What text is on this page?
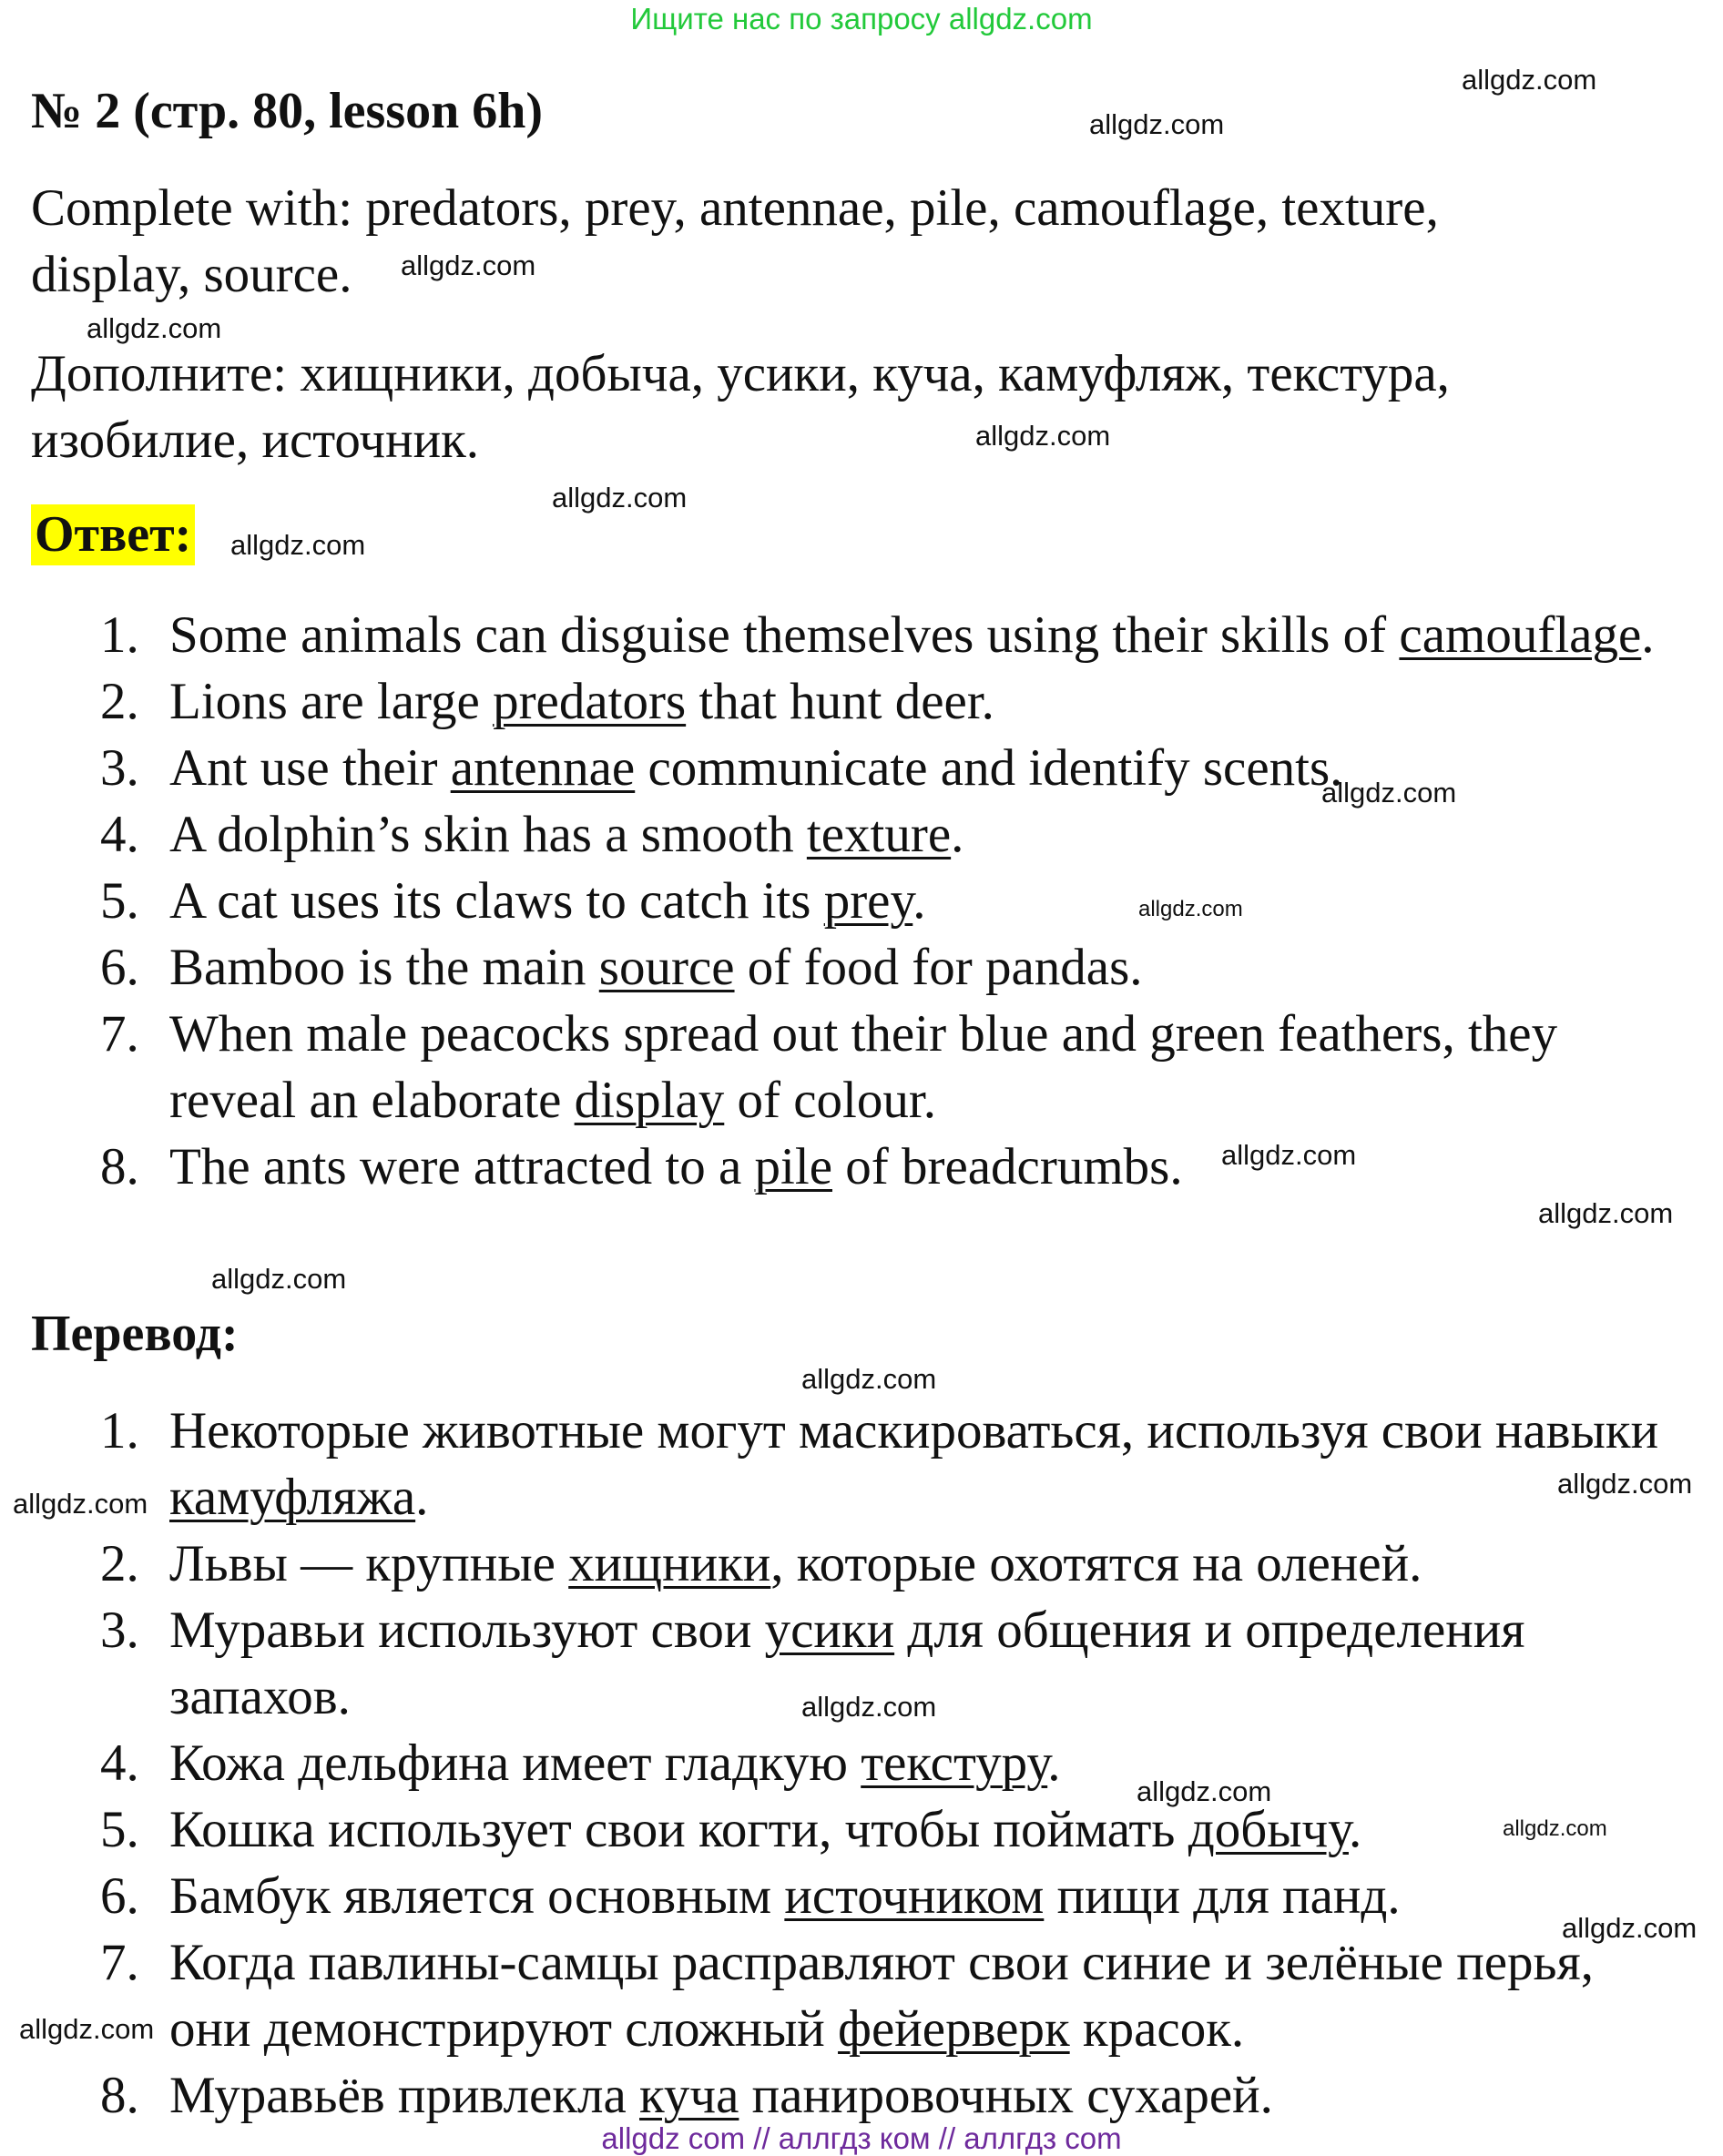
Ищите нас по запросу allgdz.com
№ 2 (стр. 80, lesson 6h)
Complete with: predators, prey, antennae, pile, camouflage, texture, display, source.
Дополните: хищники, добыча, усики, куча, камуфляж, текстура, изобилие, источник.
Ответ:
1. Some animals can disguise themselves using their skills of camouflage.
2. Lions are large predators that hunt deer.
3. Ant use their antennae communicate and identify scents.
4. A dolphin’s skin has a smooth texture.
5. A cat uses its claws to catch its prey.
6. Bamboo is the main source of food for pandas.
7. When male peacocks spread out their blue and green feathers, they reveal an elaborate display of colour.
8. The ants were attracted to a pile of breadcrumbs.
Перевод:
1. Некоторые животные могут маскироваться, используя свои навыки камуфляжа.
2. Львы — крупные хищники, которые охотятся на оленей.
3. Муравьи используют свои усики для общения и определения запахов.
4. Кожа дельфина имеет гладкую текстуру.
5. Кошка использует свои когти, чтобы поймать добычу.
6. Бамбук является основным источником пищи для панд.
7. Когда павлины-самцы расправляют свои синие и зелёные перья, они демонстрируют сложный фейерверк красок.
8. Муравьёв привлекла куча панировочных сухарей.
allgdz.com
allgdz.com
allgdz.com
allgdz.com
allgdz.com
allgdz.com
allgdz.com
allgdz.com
allgdz.com
allgdz.com
allgdz.com
allgdz.com
allgdz.com
allgdz.com
allgdz.com
allgdz.com
allgdz.com
allgdz.com
allgdz.com
allgdz.com
allgdz com // аллгдз ком // аллгдз com
